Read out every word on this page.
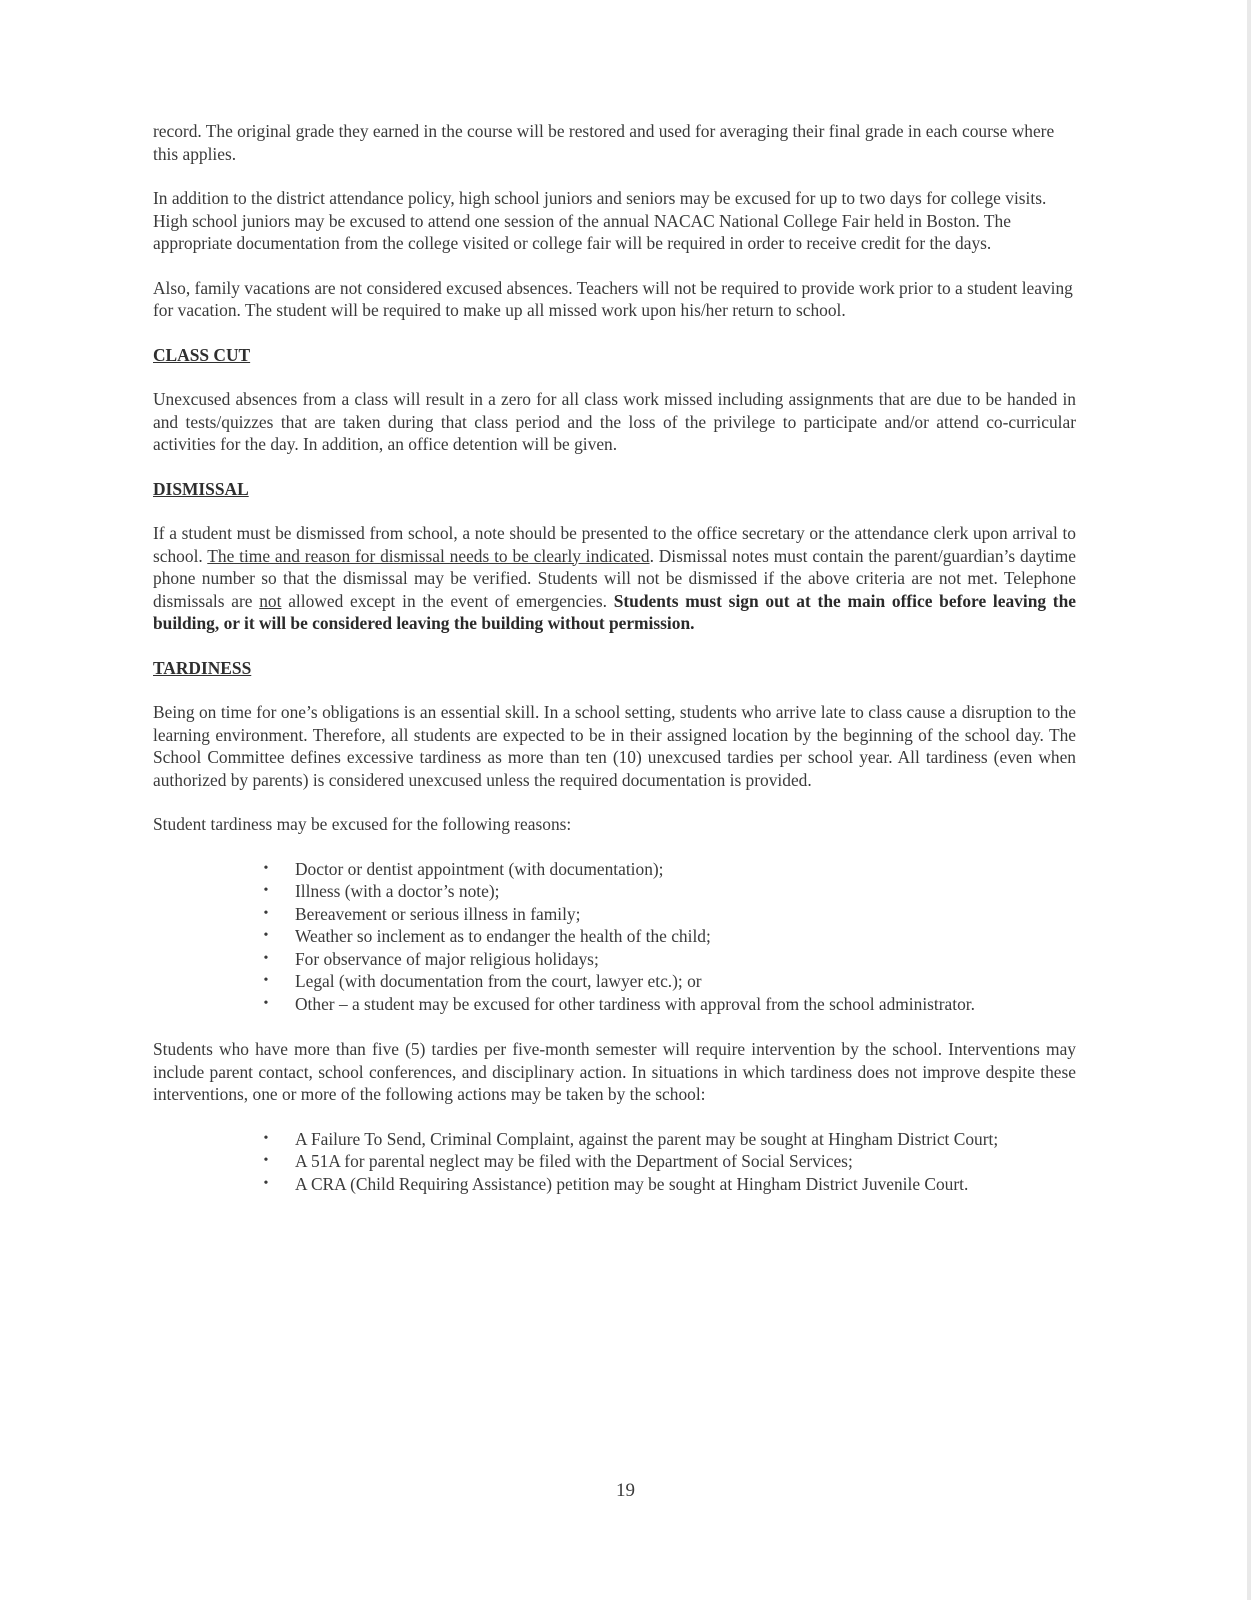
record. The original grade they earned in the course will be restored and used for averaging their final grade in each course where this applies.

In addition to the district attendance policy, high school juniors and seniors may be excused for up to two days for college visits. High school juniors may be excused to attend one session of the annual NACAC National College Fair held in Boston. The appropriate documentation from the college visited or college fair will be required in order to receive credit for the days.

Also, family vacations are not considered excused absences. Teachers will not be required to provide work prior to a student leaving for vacation. The student will be required to make up all missed work upon his/her return to school.

CLASS CUT

Unexcused absences from a class will result in a zero for all class work missed including assignments that are due to be handed in and tests/quizzes that are taken during that class period and the loss of the privilege to participate and/or attend co-curricular activities for the day. In addition, an office detention will be given.

DISMISSAL

If a student must be dismissed from school, a note should be presented to the office secretary or the attendance clerk upon arrival to school. The time and reason for dismissal needs to be clearly indicated. Dismissal notes must contain the parent/guardian’s daytime phone number so that the dismissal may be verified. Students will not be dismissed if the above criteria are not met. Telephone dismissals are not allowed except in the event of emergencies. Students must sign out at the main office before leaving the building, or it will be considered leaving the building without permission.

TARDINESS

Being on time for one’s obligations is an essential skill. In a school setting, students who arrive late to class cause a disruption to the learning environment. Therefore, all students are expected to be in their assigned location by the beginning of the school day. The School Committee defines excessive tardiness as more than ten (10) unexcused tardies per school year. All tardiness (even when authorized by parents) is considered unexcused unless the required documentation is provided.

Student tardiness may be excused for the following reasons:

• Doctor or dentist appointment (with documentation);
• Illness (with a doctor’s note);
• Bereavement or serious illness in family;
• Weather so inclement as to endanger the health of the child;
• For observance of major religious holidays;
• Legal (with documentation from the court, lawyer etc.); or
• Other – a student may be excused for other tardiness with approval from the school administrator.

Students who have more than five (5) tardies per five-month semester will require intervention by the school. Interventions may include parent contact, school conferences, and disciplinary action. In situations in which tardiness does not improve despite these interventions, one or more of the following actions may be taken by the school:

• A Failure To Send, Criminal Complaint, against the parent may be sought at Hingham District Court;
• A 51A for parental neglect may be filed with the Department of Social Services;
• A CRA (Child Requiring Assistance) petition may be sought at Hingham District Juvenile Court.
19
